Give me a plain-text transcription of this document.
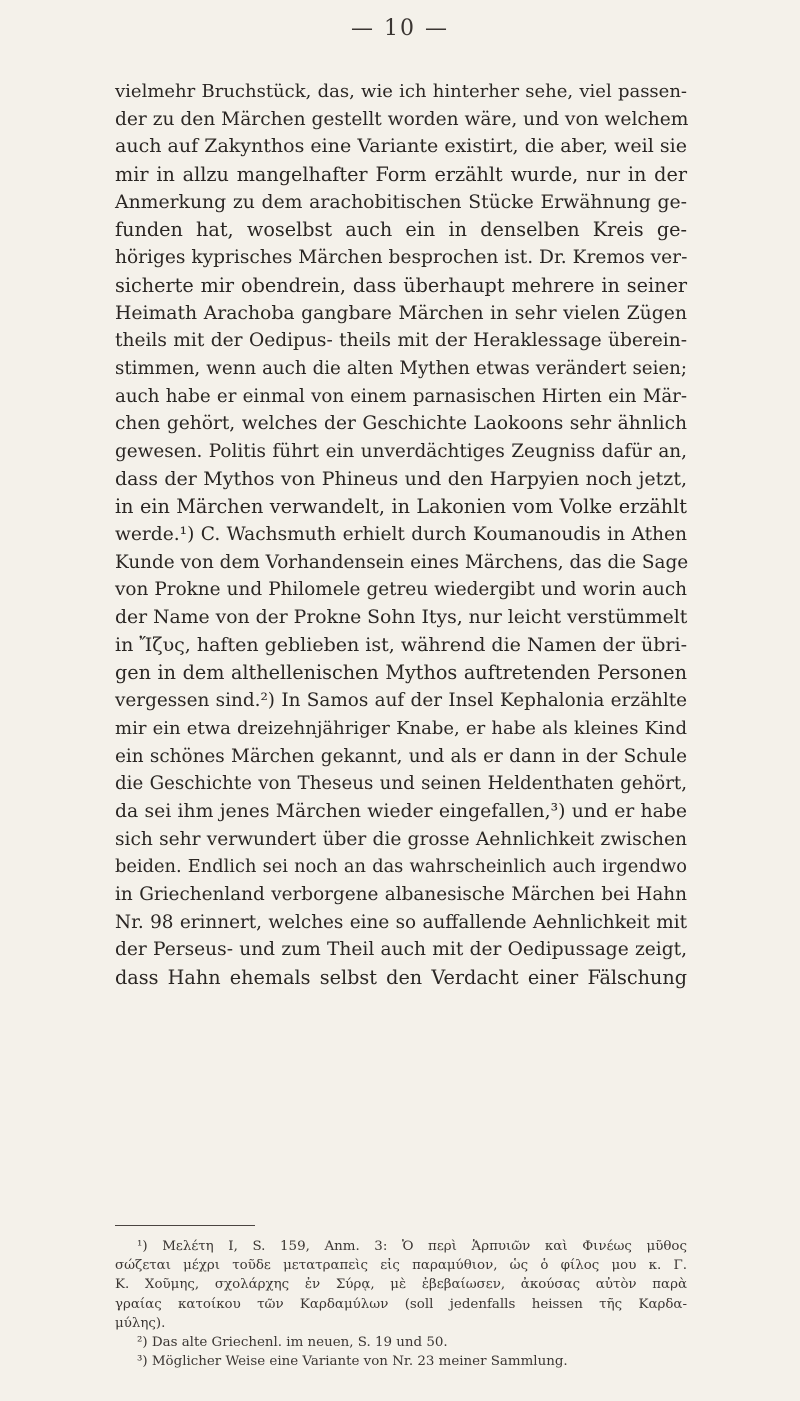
— 10 —
vielmehr Bruchstück, das, wie ich hinterher sehe, viel passen-
der zu den Märchen gestellt worden wäre, und von welchem
auch auf Zakynthos eine Variante existirt, die aber, weil sie
mir in allzu mangelhafter Form erzählt wurde, nur in der
Anmerkung zu dem arachobitischen Stücke Erwähnung ge-
funden hat, woselbst auch ein in denselben Kreis ge-
höriges kyprisches Märchen besprochen ist. Dr. Kremos ver-
sicherte mir obendrein, dass überhaupt mehrere in seiner
Heimath Arachoba gangbare Märchen in sehr vielen Zügen
theils mit der Oedipus- theils mit der Heraklessage überein-
stimmen, wenn auch die alten Mythen etwas verändert seien;
auch habe er einmal von einem parnasischen Hirten ein Mär-
chen gehört, welches der Geschichte Laokoons sehr ähnlich
gewesen. Politis führt ein unverdächtiges Zeugniss dafür an,
dass der Mythos von Phineus und den Harpyien noch jetzt,
in ein Märchen verwandelt, in Lakonien vom Volke erzählt
werde.¹) C. Wachsmuth erhielt durch Koumanoudis in Athen
Kunde von dem Vorhandensein eines Märchens, das die Sage
von Prokne und Philomele getreu wiedergibt und worin auch
der Name von der Prokne Sohn Itys, nur leicht verstümmelt
in Ἴζυς, haften geblieben ist, während die Namen der übri-
gen in dem althellenischen Mythos auftretenden Personen
vergessen sind.²) In Samos auf der Insel Kephalonia erzählte
mir ein etwa dreizehnjähriger Knabe, er habe als kleines Kind
ein schönes Märchen gekannt, und als er dann in der Schule
die Geschichte von Theseus und seinen Heldenthaten gehört,
da sei ihm jenes Märchen wieder eingefallen,³) und er habe
sich sehr verwundert über die grosse Aehnlichkeit zwischen
beiden. Endlich sei noch an das wahrscheinlich auch irgendwo
in Griechenland verborgene albanesische Märchen bei Hahn
Nr. 98 erinnert, welches eine so auffallende Aehnlichkeit mit
der Perseus- und zum Theil auch mit der Oedipussage zeigt,
dass Hahn ehemals selbst den Verdacht einer Fälschung
¹) Μελέτη I, S. 159, Anm. 3: Ὁ περὶ Ἁρπυιῶν καὶ Φινέως μῦθος
σώζεται μέχρι τοῦδε μετατραπεὶς εἰς παραμύθιον, ὡς ὁ φίλος μου κ. Γ.
Κ. Χοῦμης, σχολάρχης ἐν Σύρᾳ, μὲ ἐβεβαίωσεν, ἀκούσας αὐτὸν παρὰ
γραίας κατοίκου τῶν Καρδαμύλων (soll jedenfalls heissen τῆς Καρδα-
μύλης).
²) Das alte Griechenl. im neuen, S. 19 und 50.
³) Möglicher Weise eine Variante von Nr. 23 meiner Sammlung.
